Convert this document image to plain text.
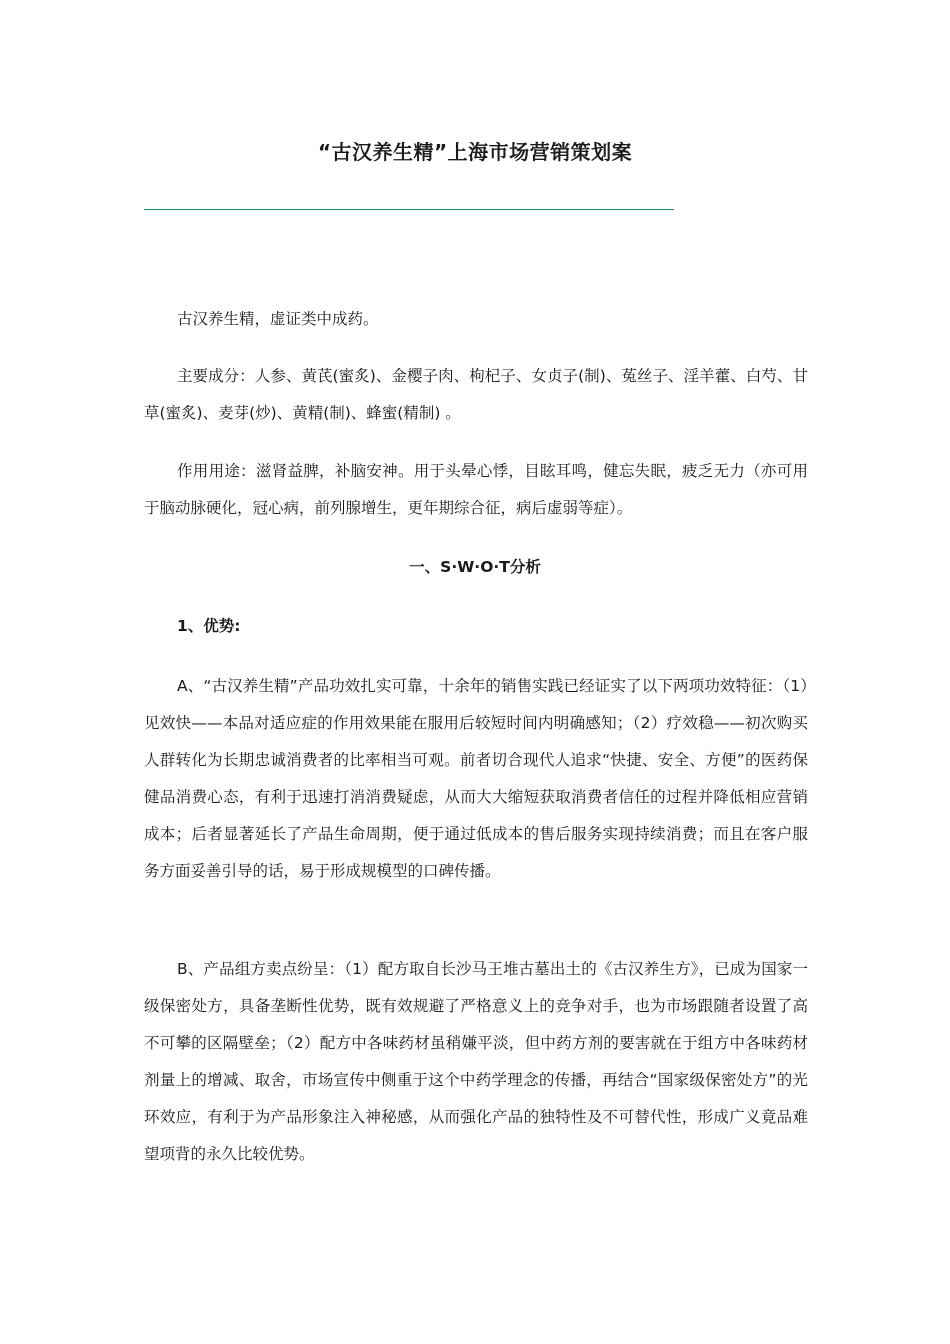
“古汉养生精”上海市场营销策划案

古汉养生精，虚证类中成药。

主要成分：人参、黄芪(蜜炙)、金樱子肉、枸杞子、女贞子(制)、菟丝子、淫羊藿、白芍、甘草(蜜炙)、麦芽(炒)、黄精(制)、蜂蜜(精制) 。

作用用途：滋肾益脾，补脑安神。用于头晕心悸，目眩耳鸣，健忘失眠，疲乏无力（亦可用于脑动脉硬化，冠心病，前列腺增生，更年期综合征，病后虚弱等症）。

一、S·W·O·T分析
1、优势:

A、“古汉养生精”产品功效扎实可靠，十余年的销售实践已经证实了以下两项功效特征：（1）见效快——本品对适应症的作用效果能在服用后较短时间内明确感知；（2）疗效稳——初次购买人群转化为长期忠诚消费者的比率相当可观。前者切合现代人追求“快捷、安全、方便”的医药保健品消费心态，有利于迅速打消消费疑虑，从而大大缩短获取消费者信任的过程并降低相应营销成本；后者显著延长了产品生命周期，便于通过低成本的售后服务实现持续消费；而且在客户服务方面妥善引导的话，易于形成规模型的口碑传播。

B、产品组方卖点纷呈：（1）配方取自长沙马王堆古墓出土的《古汉养生方》，已成为国家一级保密处方，具备垄断性优势，既有效规避了严格意义上的竞争对手，也为市场跟随者设置了高不可攀的区隔壁垒；（2）配方中各味药材虽稍嫌平淡，但中药方剂的要害就在于组方中各味药材剂量上的增减、取舍，市场宣传中侧重于这个中药学理念的传播，再结合“国家级保密处方”的光环效应，有利于为产品形象注入神秘感，从而强化产品的独特性及不可替代性，形成广义竟品难望项背的永久比较优势。
